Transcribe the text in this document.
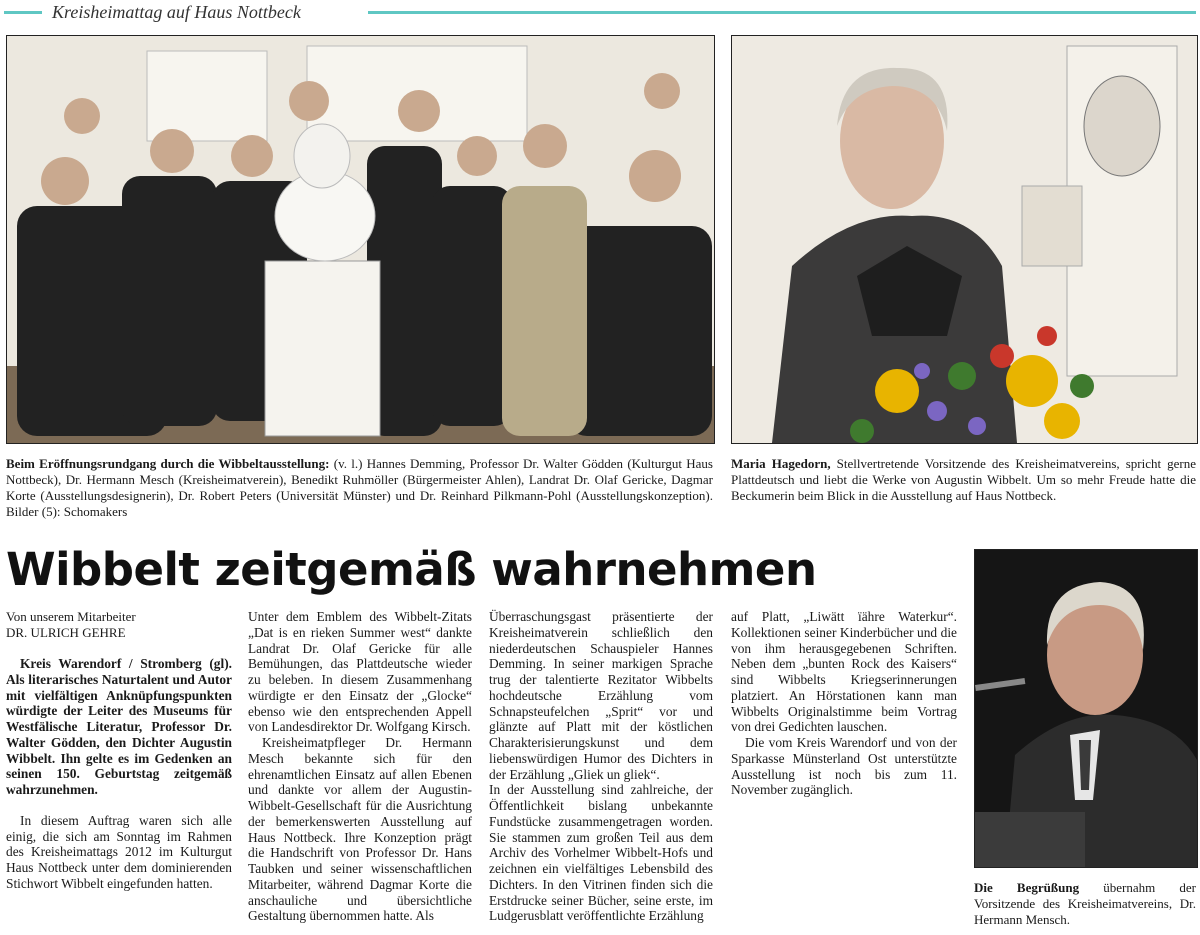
Kreisheimattag auf Haus Nottbeck
Beim Eröffnungsrundgang durch die Wibbeltausstellung: (v. l.) Hannes Demming, Professor Dr. Walter Gödden (Kulturgut Haus Nottbeck), Dr. Hermann Mesch (Kreisheimatverein), Benedikt Ruhmöller (Bürgermeister Ahlen), Landrat Dr. Olaf Gericke, Dagmar Korte (Ausstellungsdesignerin), Dr. Robert Peters (Universität Münster) und Dr. Reinhard Pilkmann-Pohl (Ausstellungskonzeption). Bilder (5): Schomakers
Maria Hagedorn, Stellvertretende Vorsitzende des Kreisheimatvereins, spricht gerne Plattdeutsch und liebt die Werke von Augustin Wibbelt. Um so mehr Freude hatte die Beckumerin beim Blick in die Ausstellung auf Haus Nottbeck.
Wibbelt zeitgemäß wahrnehmen
Von unserem Mitarbeiter
DR. ULRICH GEHRE

Kreis Warendorf / Stromberg (gl). Als literarisches Naturtalent und Autor mit vielfältigen Anknüpfungspunkten würdigte der Leiter des Museums für Westfälische Literatur, Professor Dr. Walter Gödden, den Dichter Augustin Wibbelt. Ihn gelte es im Gedenken an seinen 150. Geburtstag zeitgemäß wahrzunehmen.

In diesem Auftrag waren sich alle einig, die sich am Sonntag im Rahmen des Kreisheimattags 2012 im Kulturgut Haus Nottbeck unter dem dominierenden Stichwort Wibbelt eingefunden hatten.

Unter dem Emblem des Wibbelt-Zitats „Dat is en rieken Summer west“ dankte Landrat Dr. Olaf Gericke für alle Bemühungen, das Plattdeutsche wieder zu beleben. In diesem Zusammenhang würdigte er den Einsatz der „Glocke“ ebenso wie den entsprechenden Appell von Landesdirektor Dr. Wolfgang Kirsch.

Kreisheimatpfleger Dr. Hermann Mesch bekannte sich für den ehrenamtlichen Einsatz auf allen Ebenen und dankte vor allem der Augustin-Wibbelt-Gesellschaft für die Ausrichtung der bemerkenswerten Ausstellung auf Haus Nottbeck. Ihre Konzeption prägt die Handschrift von Professor Dr. Hans Taubken und seiner wissenschaftlichen Mitarbeiter, während Dagmar Korte die anschauliche und übersichtliche Gestaltung übernommen hatte. Als

Überraschungsgast präsentierte der Kreisheimatverein schließlich den niederdeutschen Schauspieler Hannes Demming. In seiner markigen Sprache trug der talentierte Rezitator Wibbelts hochdeutsche Erzählung vom Schnapsteufelchen „Sprit“ vor und glänzte auf Platt mit der köstlichen Charakterisierungskunst und dem liebenswürdigen Humor des Dichters in der Erzählung „Gliek un gliek“.

In der Ausstellung sind zahlreiche, der Öffentlichkeit bislang unbekannte Fundstücke zusammengetragen worden. Sie stammen zum großen Teil aus dem Archiv des Vorhelmer Wibbelt-Hofs und zeichnen ein vielfältiges Lebensbild des Dichters. In den Vitrinen finden sich die Erstdrucke seiner Bücher, seine erste, im Ludgerusblatt veröffentlichte Erzählung

auf Platt, „Liwätt ïähre Waterkur“. Kollektionen seiner Kinderbücher und die von ihm herausgegebenen Schriften. Neben dem „bunten Rock des Kaisers“ sind Wibbelts Kriegserinnerungen platziert. An Hörstationen kann man Wibbelts Originalstimme beim Vortrag von drei Gedichten lauschen.

Die vom Kreis Warendorf und von der Sparkasse Münsterland Ost unterstützte Ausstellung ist noch bis zum 11. November zugänglich.

Die Begrüßung übernahm der Vorsitzende des Kreisheimatvereins, Dr. Hermann Mensch.
